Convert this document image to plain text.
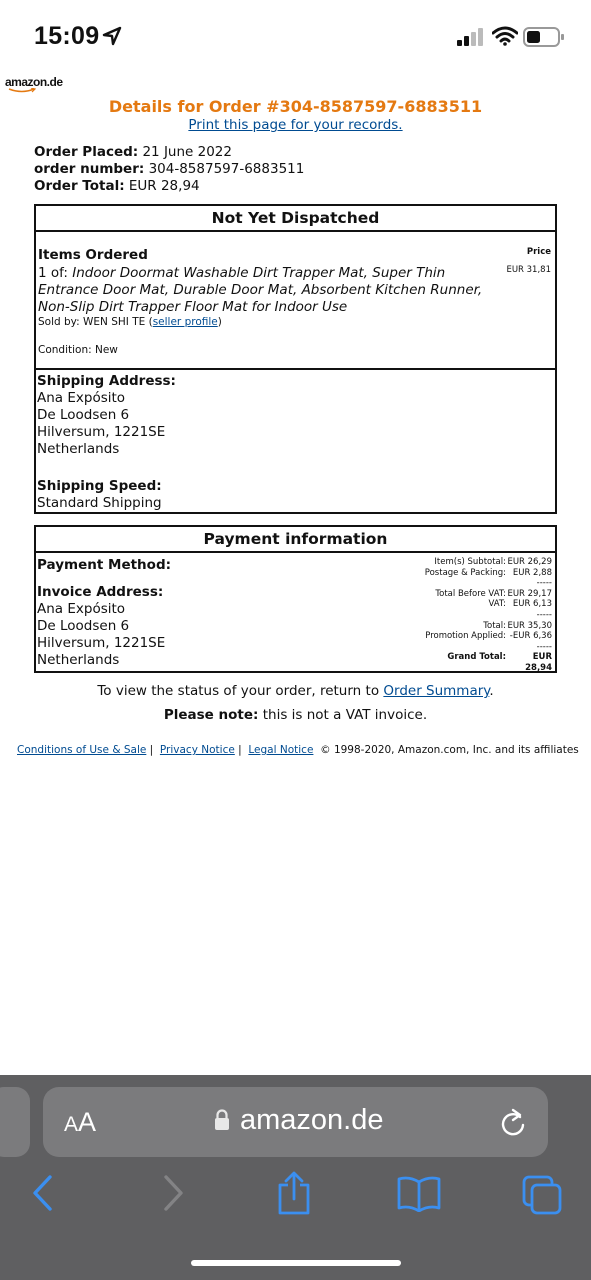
15:09
amazon.de
Details for Order #304-8587597-6883511
Print this page for your records.
Order Placed: 21 June 2022
order number: 304-8587597-6883511
Order Total: EUR 28,94
Not Yet Dispatched
Items Ordered	Price
EUR 31,81
1 of: Indoor Doormat Washable Dirt Trapper Mat, Super Thin Entrance Door Mat, Durable Door Mat, Absorbent Kitchen Runner, Non-Slip Dirt Trapper Floor Mat for Indoor Use
Sold by: WEN SHI TE (seller profile)
Condition: New
Shipping Address:
Ana Expósito
De Loodsen 6
Hilversum, 1221SE
Netherlands
Shipping Speed:
Standard Shipping
Payment information
Payment Method:
Invoice Address:
Ana Expósito
De Loodsen 6
Hilversum, 1221SE
Netherlands
Item(s) Subtotal: EUR 26,29
Postage & Packing: EUR 2,88
-----
Total Before VAT: EUR 29,17
VAT: EUR 6,13
-----
Total: EUR 35,30
Promotion Applied: -EUR 6,36
-----
Grand Total:	EUR 28,94
To view the status of your order, return to Order Summary.
Please note: this is not a VAT invoice.
Conditions of Use & Sale | Privacy Notice | Legal Notice © 1998-2020, Amazon.com, Inc. and its affiliates
AA	amazon.de
